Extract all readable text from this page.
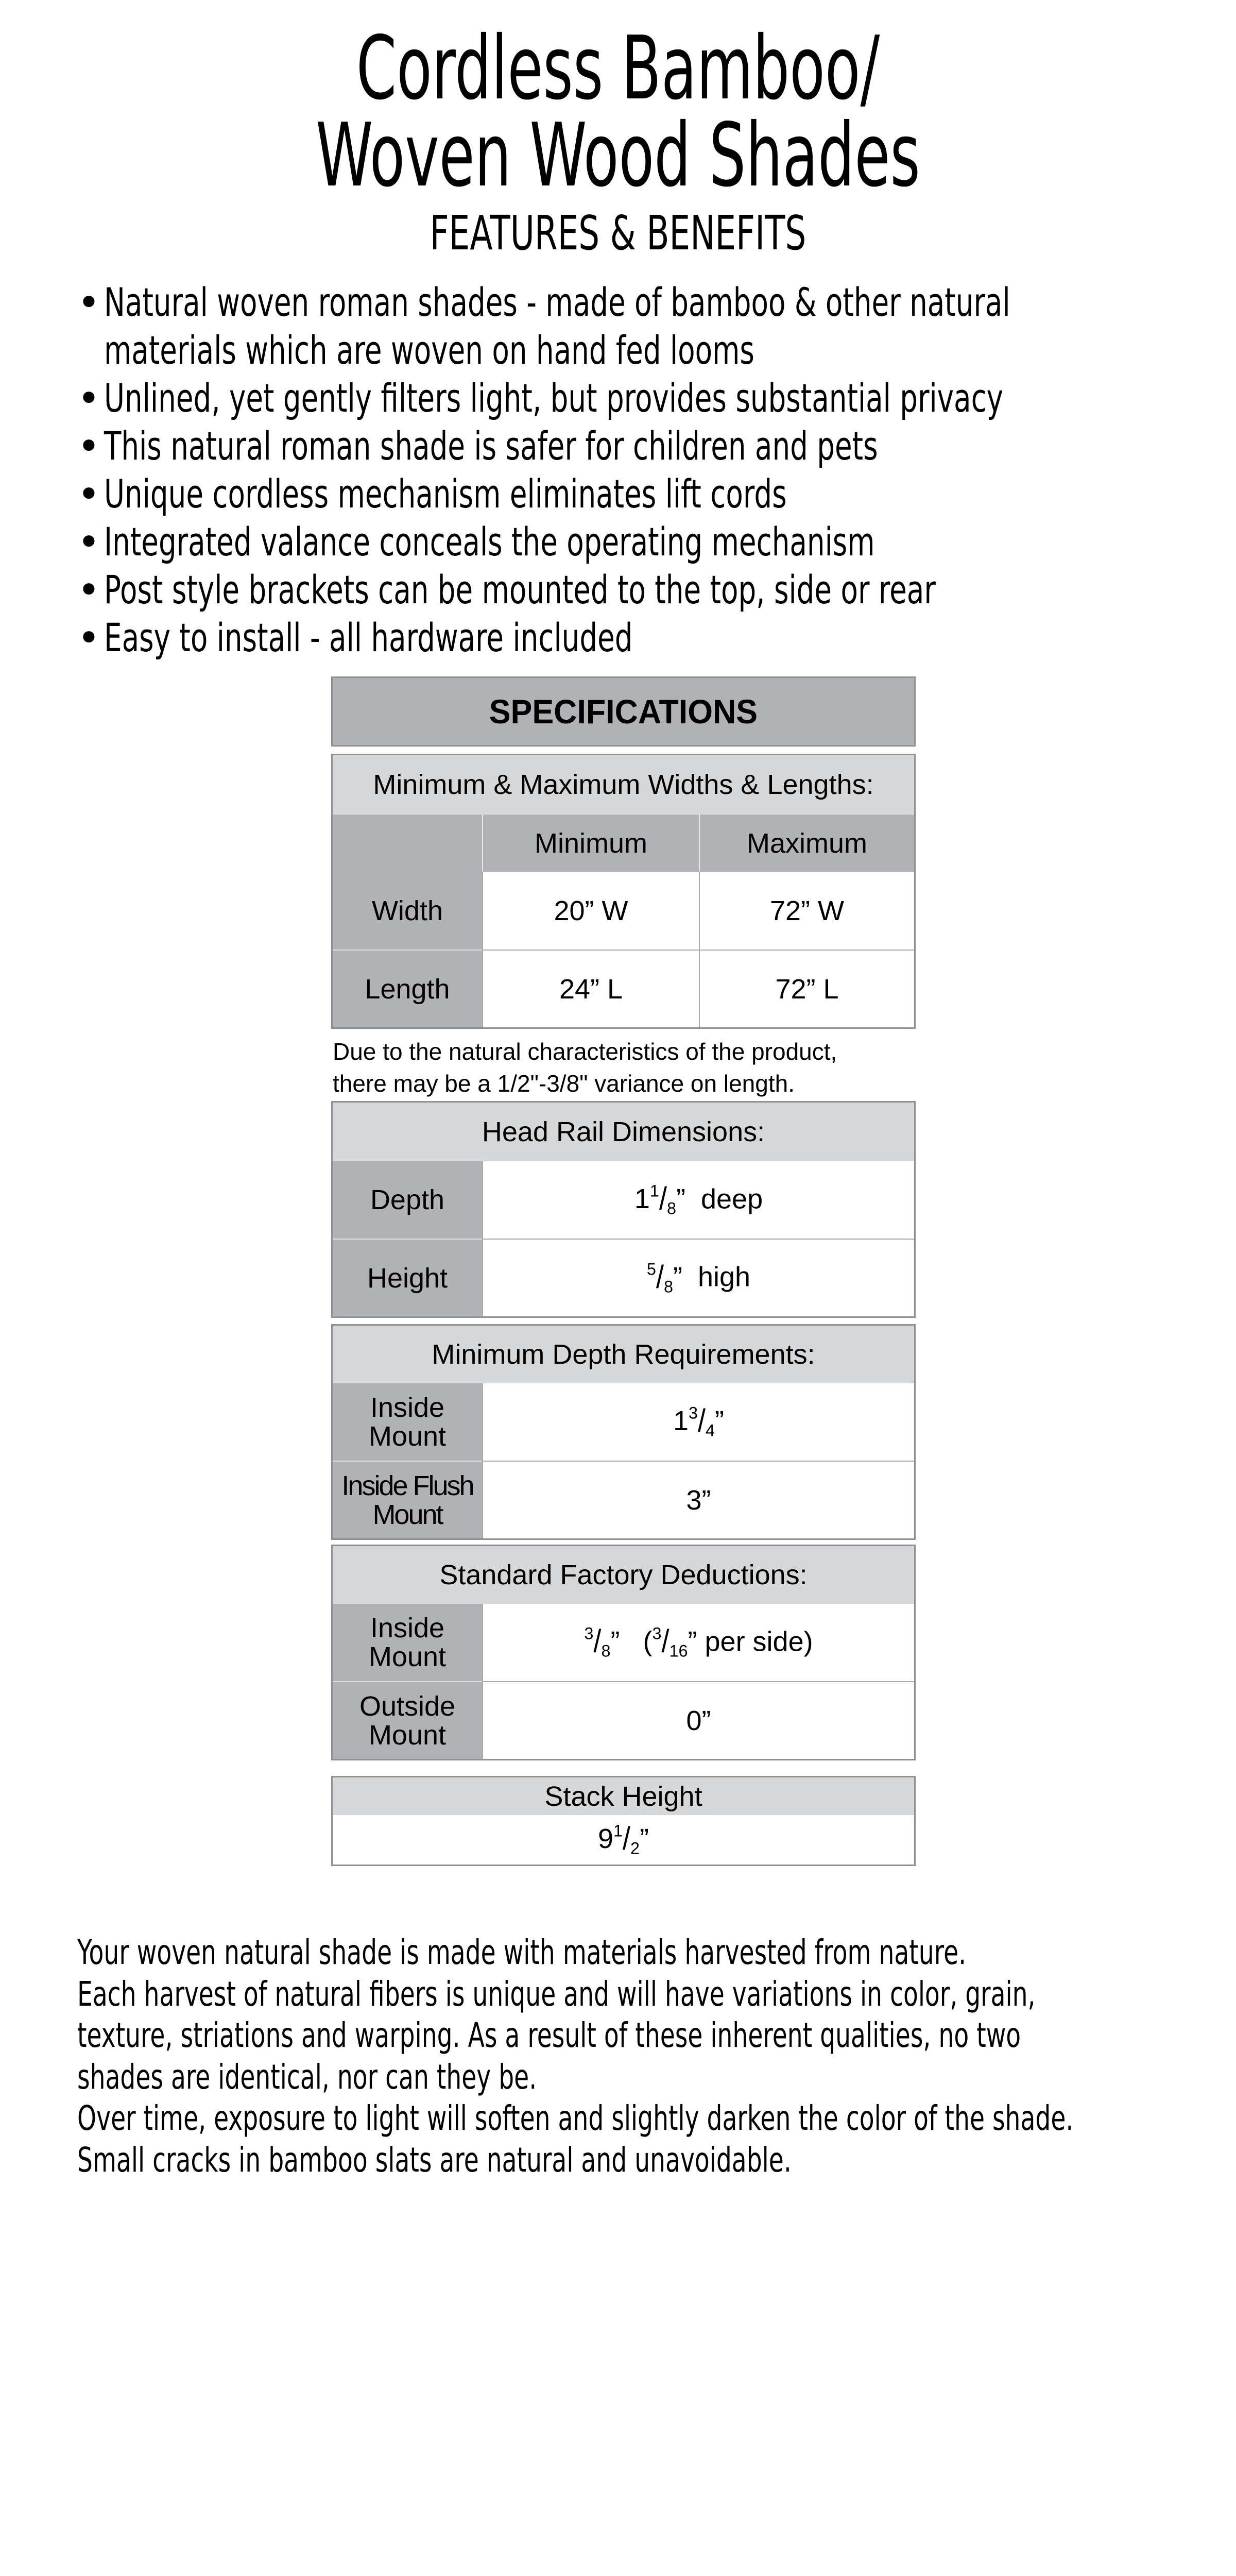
Cordless Bamboo/
Woven Wood Shades
FEATURES & BENEFITS
• Natural woven roman shades - made of bamboo & other natural
materials which are woven on hand fed looms
• Unlined, yet gently filters light, but provides substantial privacy
• This natural roman shade is safer for children and pets
• Unique cordless mechanism eliminates lift cords
• Integrated valance conceals the operating mechanism
• Post style brackets can be mounted to the top, side or rear
• Easy to install - all hardware included
SPECIFICATIONS
Minimum & Maximum Widths & Lengths:		
	Minimum	Maximum
Width	20” W	72” W
Length	24” L	72” L
Due to the natural characteristics of the product,
there may be a 1/2"-3/8" variance on length.
Head Rail Dimensions:	
Depth	$1^1/_8$” deep
Height	$^5/_8$” high
Minimum Depth Requirements:	

Inside
Mount	$1^3/_4$”

Inside Flush
Mount	3”
Standard Factory Deductions:	

Inside
Mount	$^3/_8$” ($^3/_{16}$” per side)

Outside
Mount	0”
Stack Height
$9^1/_2$”
Your woven natural shade is made with materials harvested from nature.
Each harvest of natural fibers is unique and will have variations in color, grain,
texture, striations and warping. As a result of these inherent qualities, no two
shades are identical, nor can they be.
Over time, exposure to light will soften and slightly darken the color of the shade.
Small cracks in bamboo slats are natural and unavoidable.
